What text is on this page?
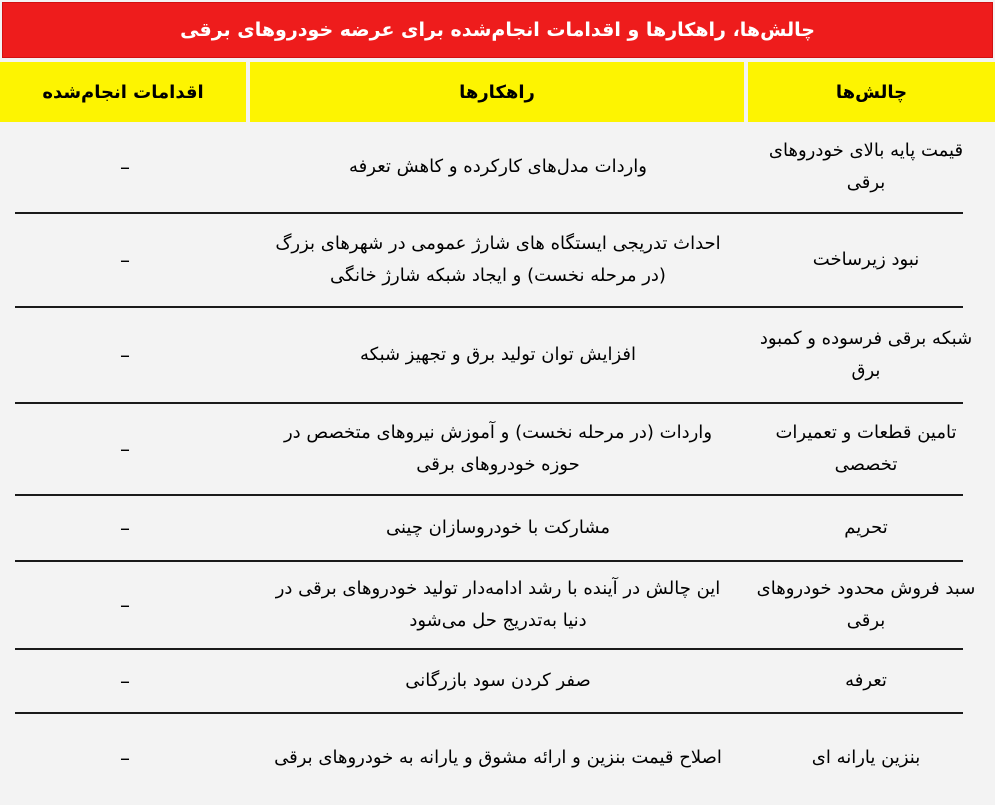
چالش‌ها، راهکارها و اقدامات انجام‌شده برای عرضه خودروهای برقی
چالش‌ها
راهکارها
اقدامات انجام‌شده
قیمت پایه بالای خودروهای برقی
واردات مدل‌های کارکرده و کاهش تعرفه
–
نبود زیرساخت
احداث تدریجی ایستگاه های شارژ عمومی در شهرهای بزرگ (در مرحله نخست) و ایجاد شبکه شارژ خانگی
–
شبکه برقی فرسوده و کمبود برق
افزایش توان تولید برق و تجهیز شبکه
–
تامین قطعات و تعمیرات تخصصی
واردات (در مرحله نخست) و آموزش نیروهای متخصص در حوزه خودروهای برقی
–
تحریم
مشارکت با خودروسازان چینی
–
سبد فروش محدود خودروهای برقی
این چالش در آینده با رشد ادامه‌دار تولید خودروهای برقی در دنیا به‌تدریج حل می‌شود
–
تعرفه
صفر کردن سود بازرگانی
–
بنزین یارانه ای
اصلاح قیمت بنزین و ارائه مشوق و یارانه به خودروهای برقی
–
